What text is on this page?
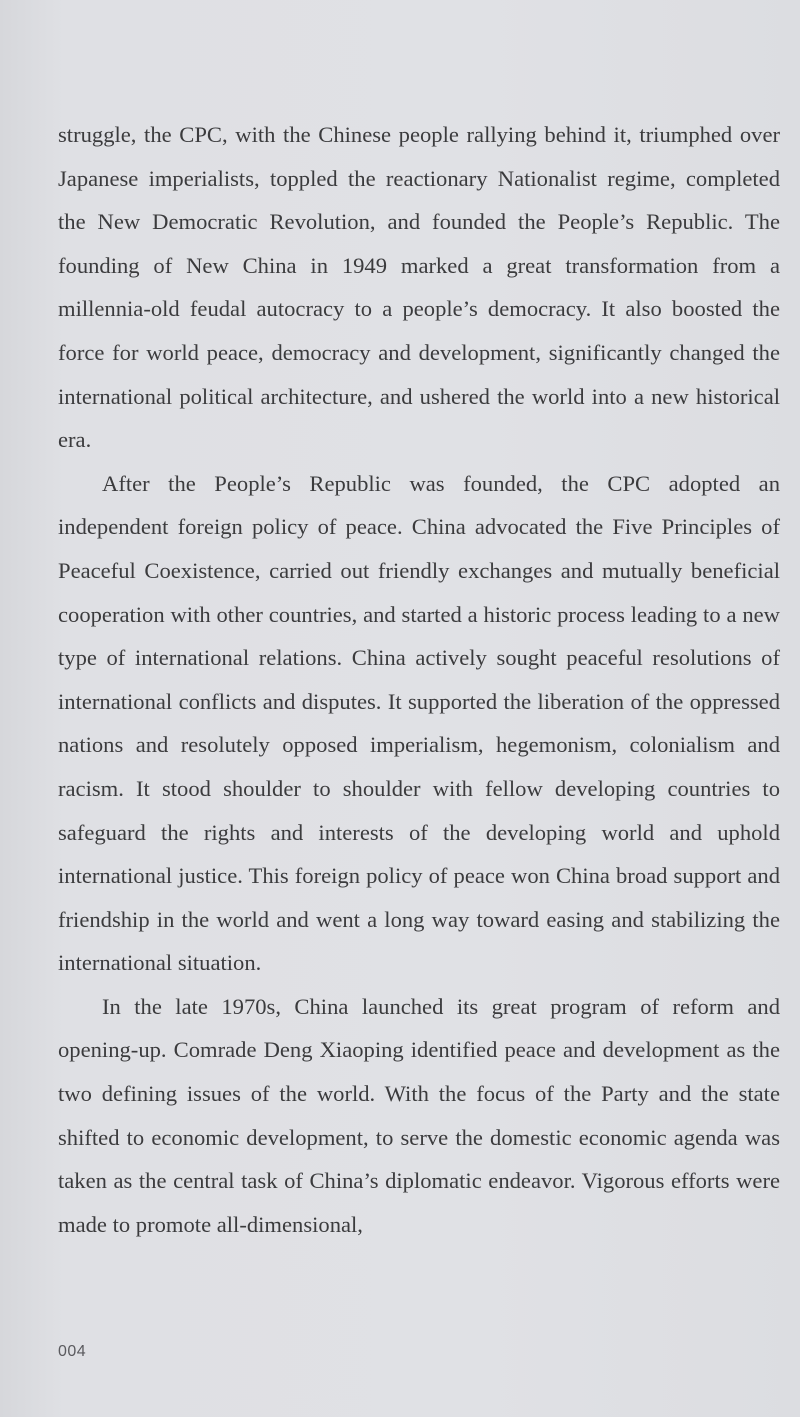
struggle, the CPC, with the Chinese people rallying behind it, triumphed over Japanese imperialists, toppled the reactionary Nationalist regime, completed the New Democratic Revolution, and founded the People’s Republic. The founding of New China in 1949 marked a great transformation from a millennia-old feudal autocracy to a people’s democracy. It also boosted the force for world peace, democracy and development, significantly changed the international political architecture, and ushered the world into a new historical era.

After the People’s Republic was founded, the CPC adopted an independent foreign policy of peace. China advocated the Five Principles of Peaceful Coexistence, carried out friendly exchanges and mutually beneficial cooperation with other countries, and started a historic process leading to a new type of international relations. China actively sought peaceful resolutions of international conflicts and disputes. It supported the liberation of the oppressed nations and resolutely opposed imperialism, hegemonism, colonialism and racism. It stood shoulder to shoulder with fellow developing countries to safeguard the rights and interests of the developing world and uphold international justice. This foreign policy of peace won China broad support and friendship in the world and went a long way toward easing and stabilizing the international situation.

In the late 1970s, China launched its great program of reform and opening-up. Comrade Deng Xiaoping identified peace and development as the two defining issues of the world. With the focus of the Party and the state shifted to economic development, to serve the domestic economic agenda was taken as the central task of China’s diplomatic endeavor. Vigorous efforts were made to promote all-dimensional,

004
